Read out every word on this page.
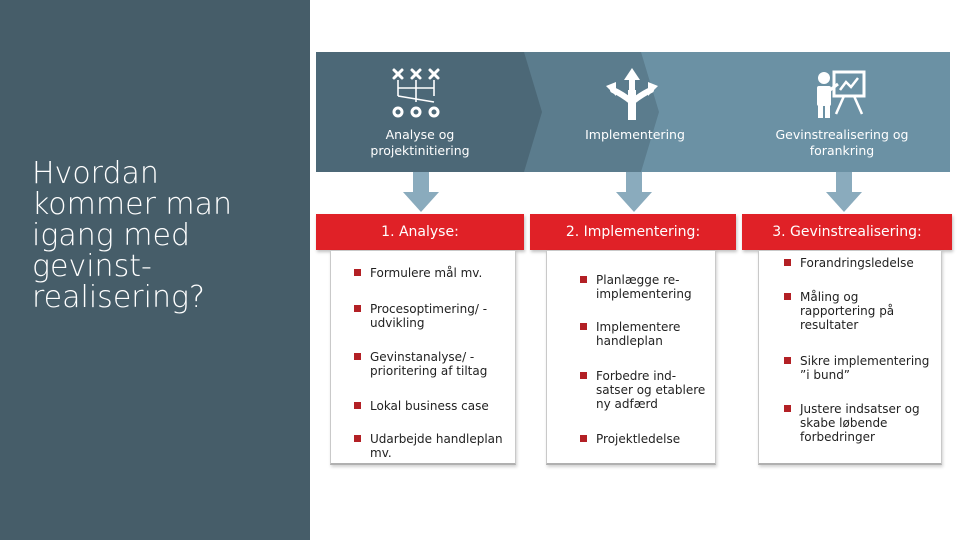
Hvordan kommer man igang med gevinst-realisering?
Analyse og projektinitiering
Implementering	Gevinstrealisering og forankring
1. Analyse:	2. Implementering:	3. Gevinstrealisering:
Formulere mål mv.
Procesoptimering/ -udvikling
Gevinstanalyse/ -prioritering af tiltag
Lokal business case
Udarbejde handleplan mv.
Planlægge re-implementering
Implementere handleplan
Forbedre ind-satser og etablere ny adfærd
Projektledelse
Forandringsledelse
Måling og rapportering på resultater
Sikre implementering ”i bund”
Justere indsatser og skabe løbende forbedringer
